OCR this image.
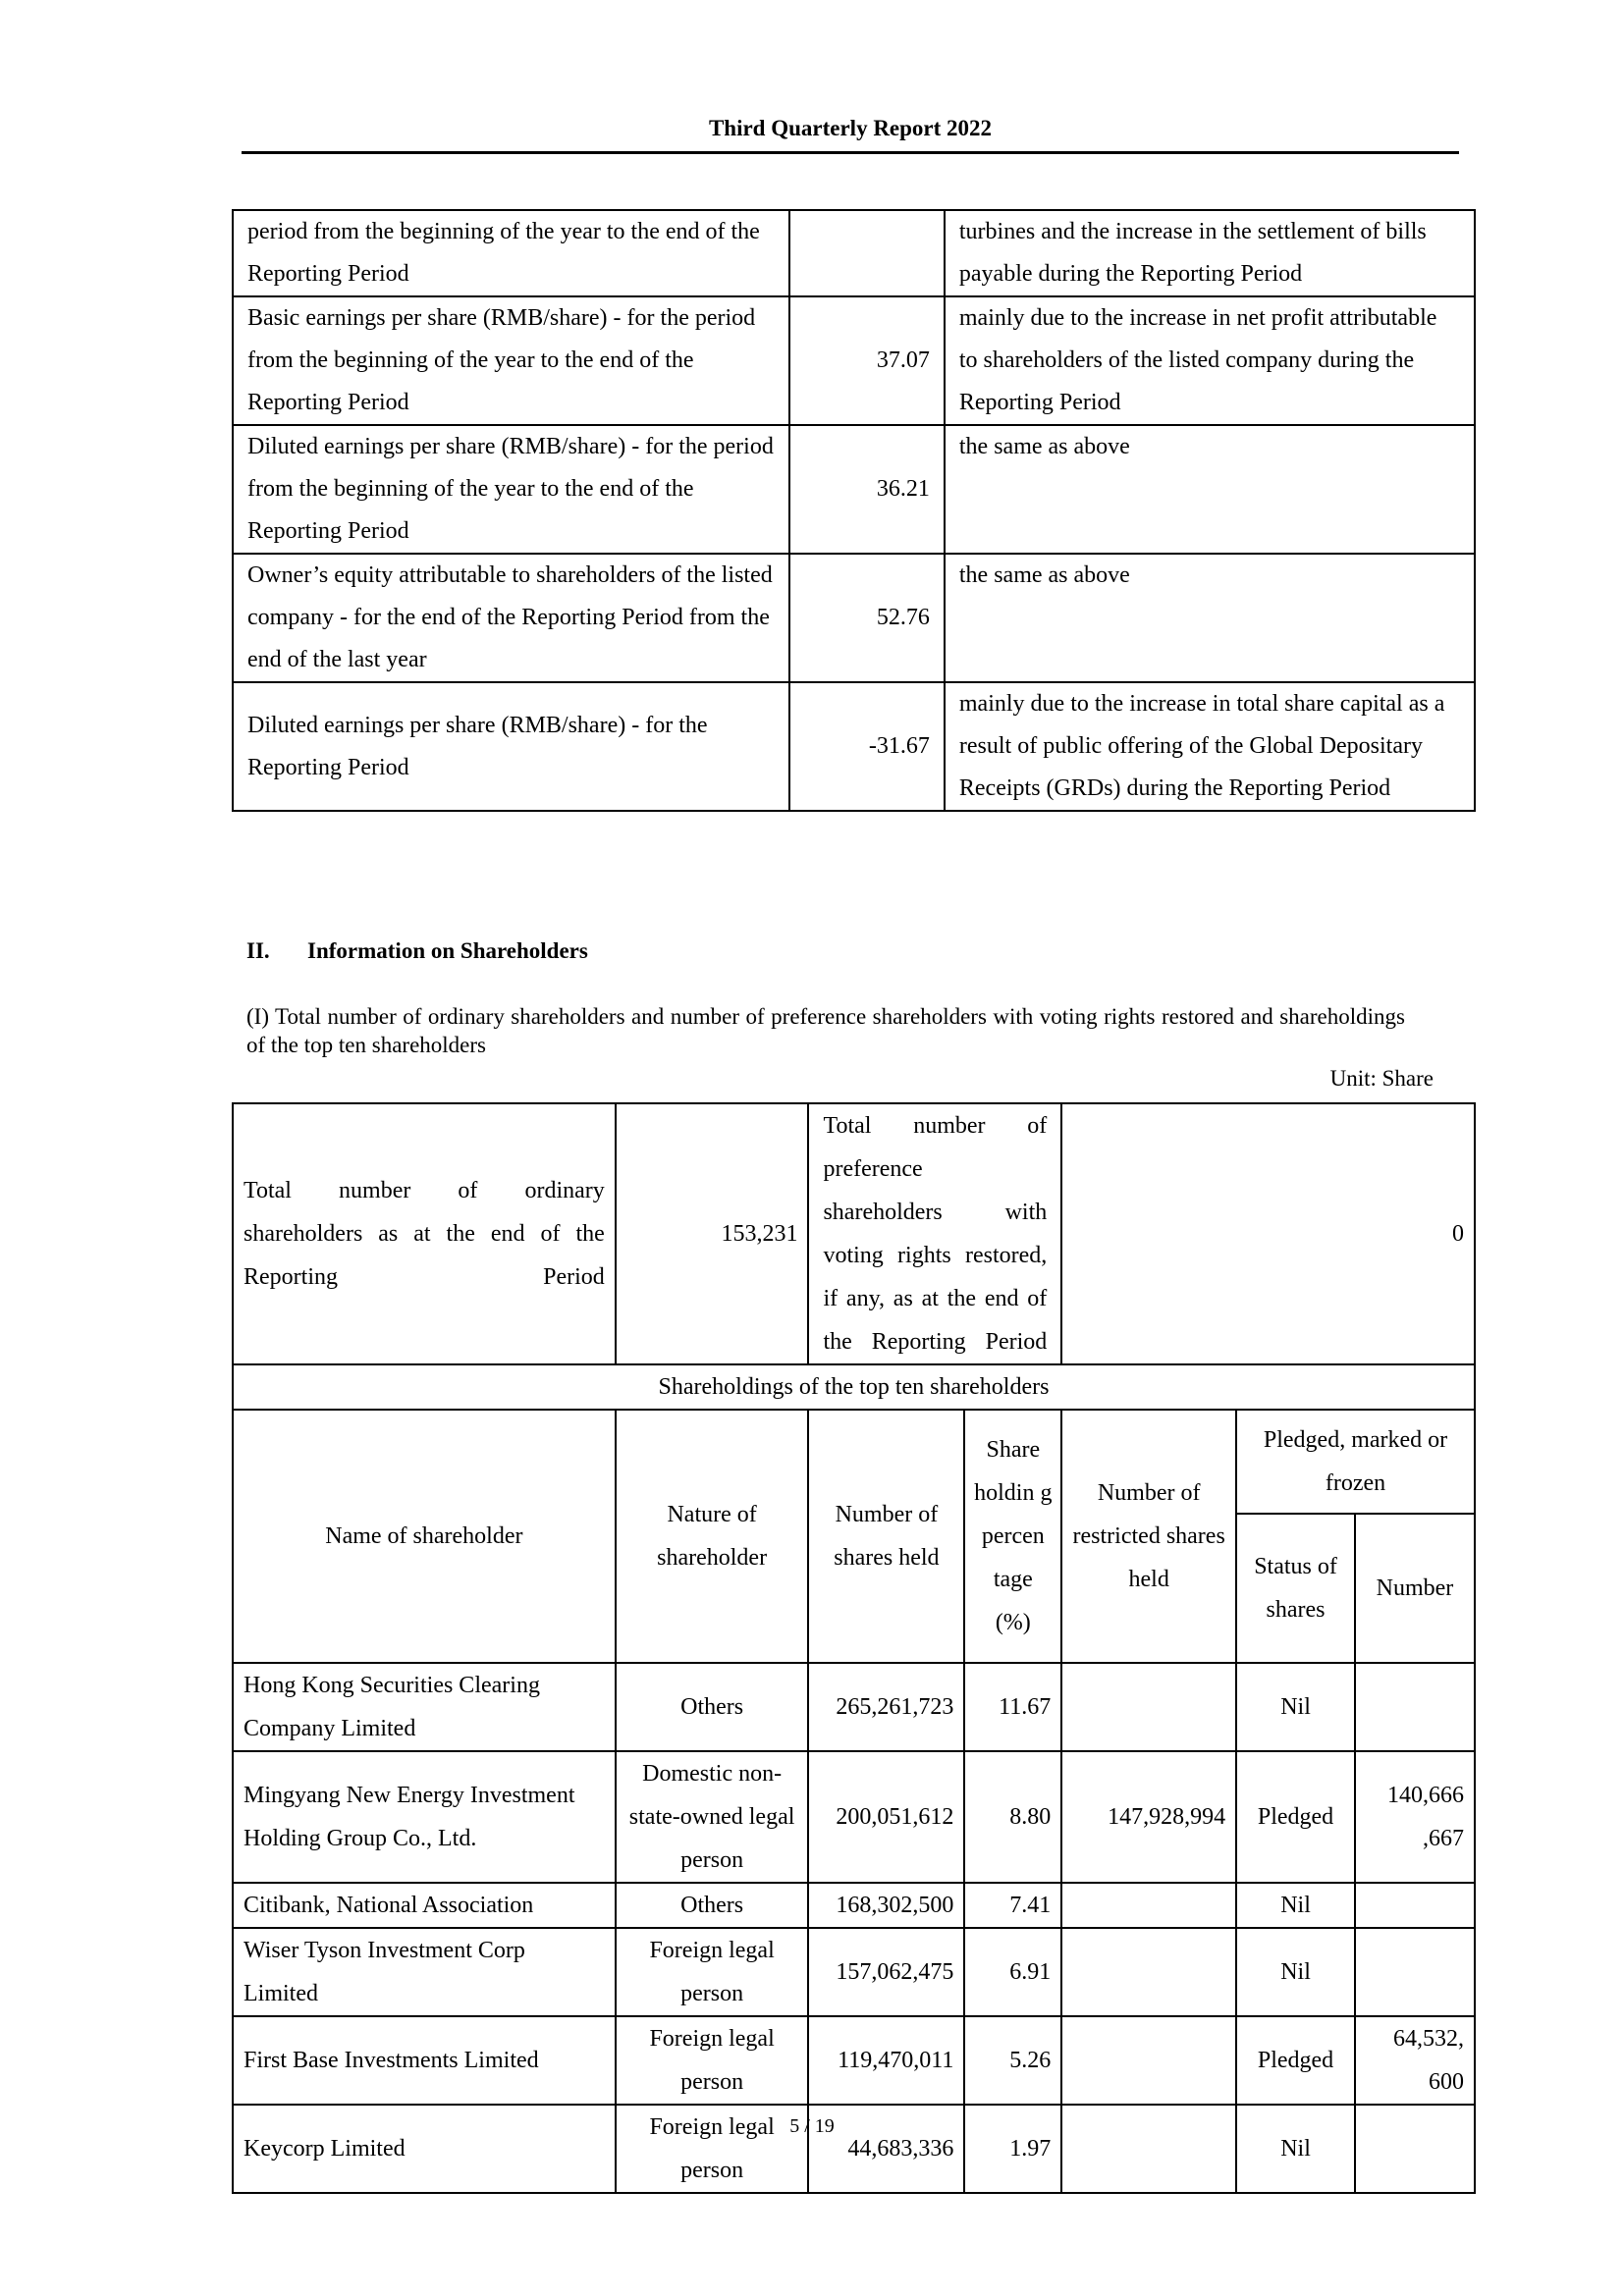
Third Quarterly Report 2022
period from the beginning of the year to the end of the Reporting Period		turbines and the increase in the settlement of bills payable during the Reporting Period
Basic earnings per share (RMB/share) - for the period from the beginning of the year to the end of the Reporting Period	37.07	mainly due to the increase in net profit attributable to shareholders of the listed company during the Reporting Period
Diluted earnings per share (RMB/share) - for the period from the beginning of the year to the end of the Reporting Period	36.21	the same as above
Owner’s equity attributable to shareholders of the listed company - for the end of the Reporting Period from the end of the last year	52.76	the same as above
Diluted earnings per share (RMB/share) - for the Reporting Period	-31.67	mainly due to the increase in total share capital as a result of public offering of the Global Depositary Receipts (GRDs) during the Reporting Period
II. Information on Shareholders
(I) Total number of ordinary shareholders and number of preference shareholders with voting rights restored and shareholdings of the top ten shareholders
Unit: Share
Total number of ordinary shareholders as at the end of the Reporting Period	153,231	Total number of preference shareholders with voting rights restored, if any, as at the end of the Reporting Period		0		
Shareholdings of the top ten shareholders						
Name of shareholder	Nature of shareholder	Number of shares held	Share holdin g percen tage (%)	Number of restricted shares held	Pledged, marked or frozen	
					Status of shares	Number
Hong Kong Securities Clearing Company Limited	Others	265,261,723	11.67		Nil	
Mingyang New Energy Investment Holding Group Co., Ltd.	Domestic non-state-owned legal person	200,051,612	8.80	147,928,994	Pledged	140,666 ,667
Citibank, National Association	Others	168,302,500	7.41		Nil	
Wiser Tyson Investment Corp Limited	Foreign legal person	157,062,475	6.91		Nil	
First Base Investments Limited	Foreign legal person	119,470,011	5.26		Pledged	64,532, 600
Keycorp Limited	Foreign legal person	44,683,336	1.97		Nil	
5 / 19
